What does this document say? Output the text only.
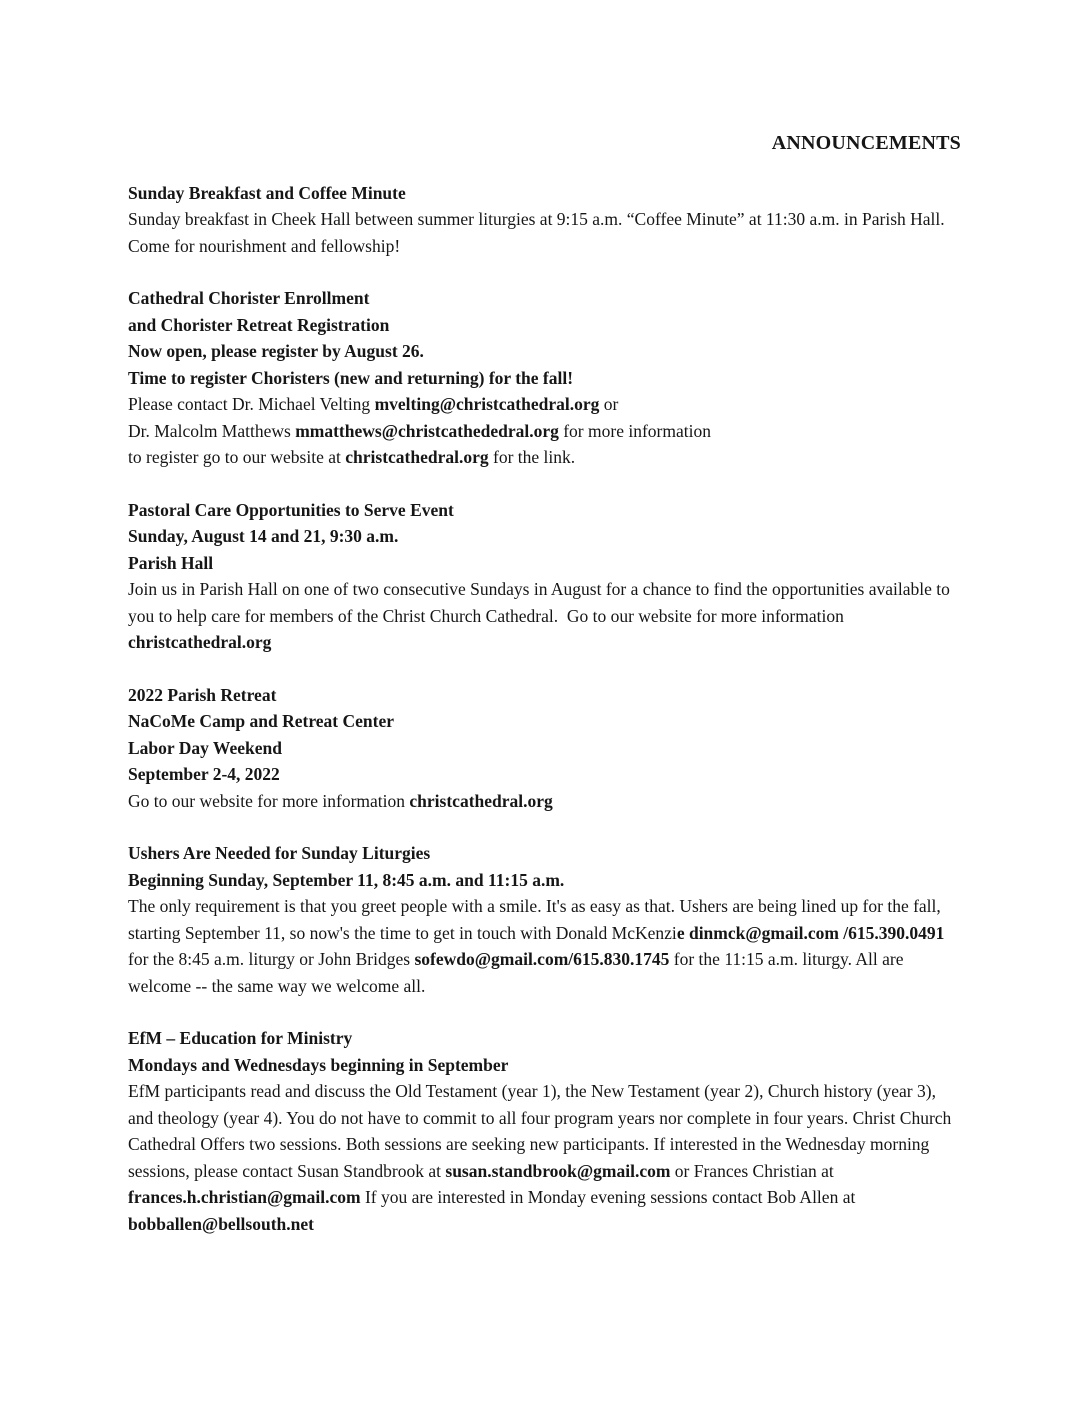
ANNOUNCEMENTS
Sunday Breakfast and Coffee Minute

Sunday breakfast in Cheek Hall between summer liturgies at 9:15 a.m. “Coffee Minute” at 11:30 a.m. in Parish Hall. Come for nourishment and fellowship!

Cathedral Chorister Enrollment
and Chorister Retreat Registration
Now open, please register by August 26.
Time to register Choristers (new and returning) for the fall!

Please contact Dr. Michael Velting mvelting@christcathedral.org or

Dr. Malcolm Matthews mmatthews@christcathededral.org for more information

to register go to our website at christcathedral.org for the link.

Pastoral Care Opportunities to Serve Event
Sunday, August 14 and 21, 9:30 a.m.
Parish Hall

Join us in Parish Hall on one of two consecutive Sundays in August for a chance to find the opportunities available to you to help care for members of the Christ Church Cathedral.  Go to our website for more information christcathedral.org

2022 Parish Retreat
NaCoMe Camp and Retreat Center
Labor Day Weekend
September 2-4, 2022

Go to our website for more information christcathedral.org

Ushers Are Needed for Sunday Liturgies
Beginning Sunday, September 11, 8:45 a.m. and 11:15 a.m.

The only requirement is that you greet people with a smile. It's as easy as that. Ushers are being lined up for the fall, starting September 11, so now's the time to get in touch with Donald McKenzie dinmck@gmail.com /615.390.0491 for the 8:45 a.m. liturgy or John Bridges sofewdo@gmail.com/615.830.1745 for the 11:15 a.m. liturgy. All are welcome -- the same way we welcome all.

EfM – Education for Ministry
Mondays and Wednesdays beginning in September

EfM participants read and discuss the Old Testament (year 1), the New Testament (year 2), Church history (year 3), and theology (year 4). You do not have to commit to all four program years nor complete in four years. Christ Church Cathedral Offers two sessions. Both sessions are seeking new participants. If interested in the Wednesday morning sessions, please contact Susan Standbrook at susan.standbrook@gmail.com or Frances Christian at frances.h.christian@gmail.com If you are interested in Monday evening sessions contact Bob Allen at bobballen@bellsouth.net
